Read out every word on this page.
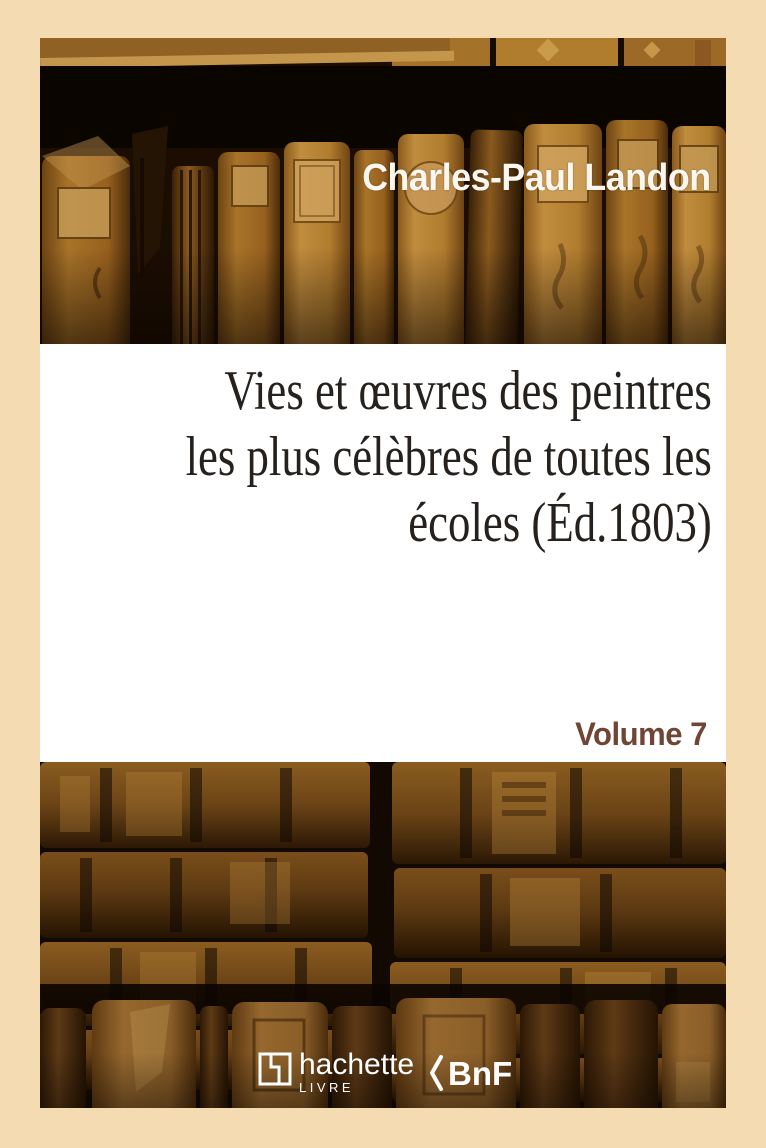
Charles-Paul Landon
Vies et œuvres des peintres
les plus célèbres de toutes les
écoles (Éd.1803)
Volume 7
hachette
LIVRE	BnF
